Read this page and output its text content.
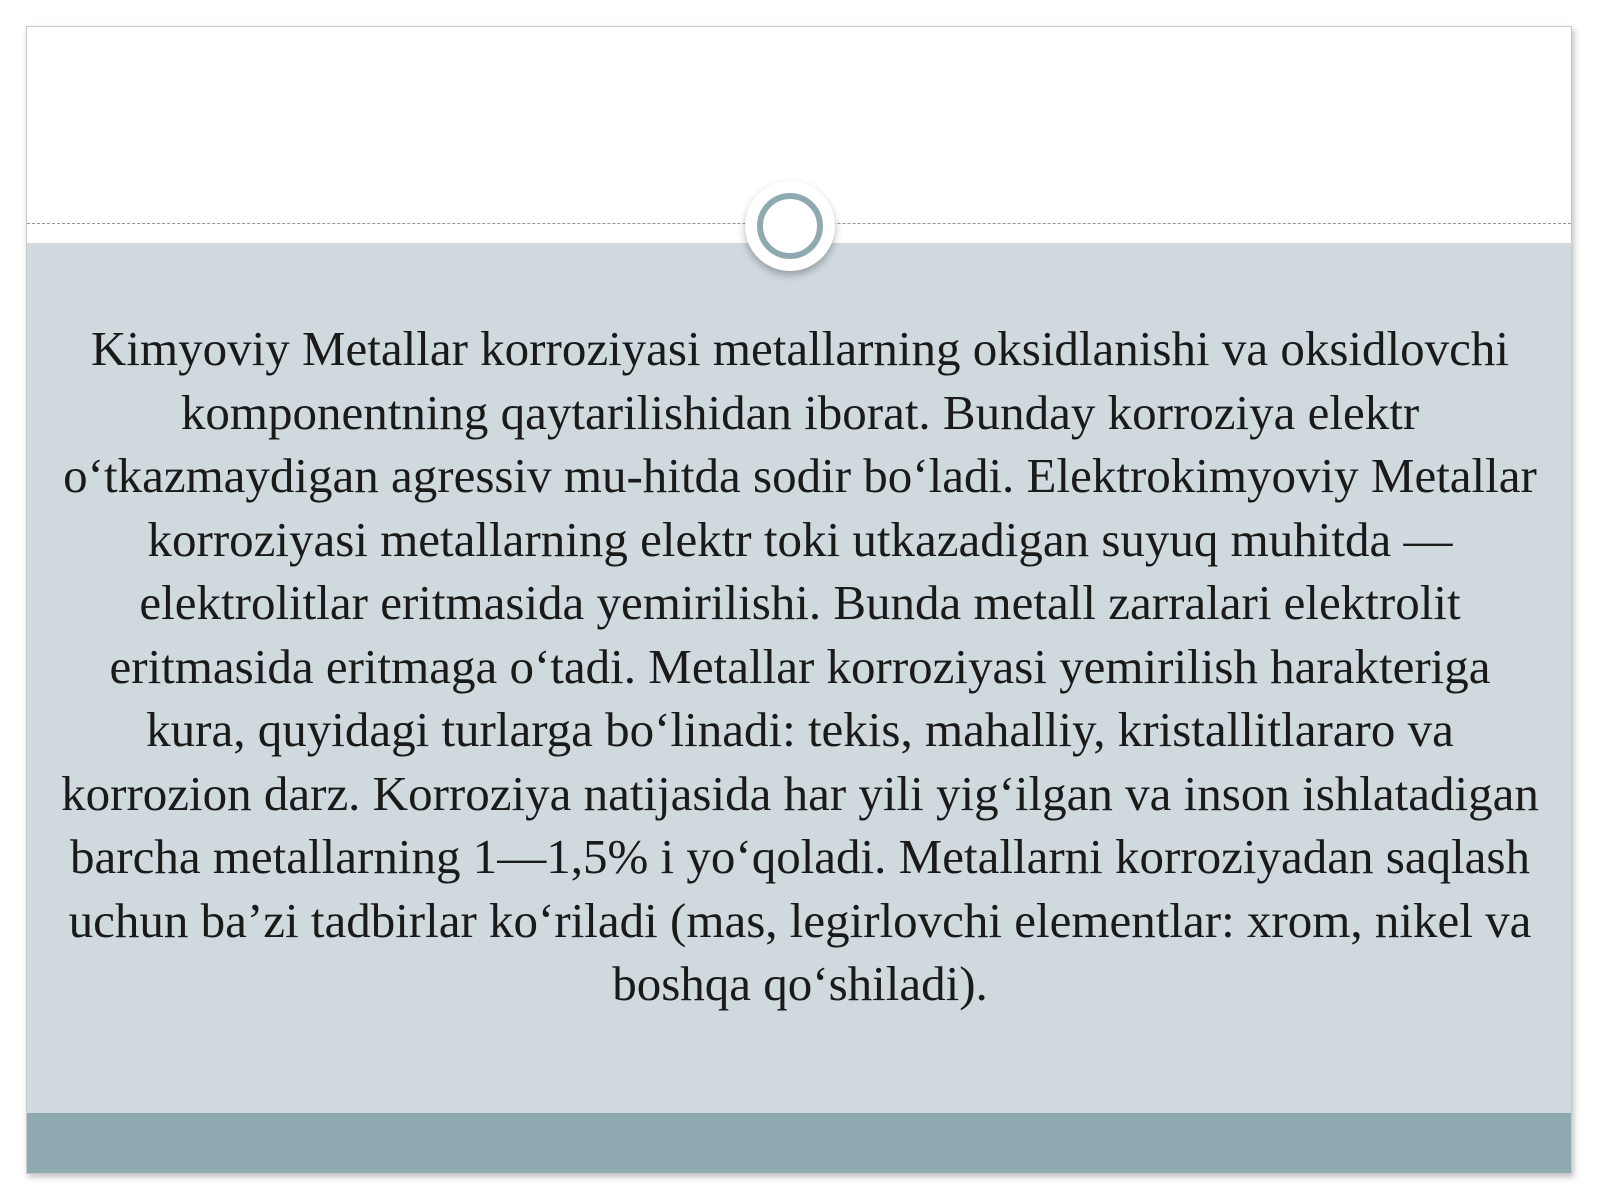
Kimyoviy Metallar korroziyasi metallarning oksidlanishi va oksidlovchi komponentning qaytarilishidan iborat. Bunday korroziya elektr o‘tkazmaydigan agressiv mu-hitda sodir bo‘ladi. Elektrokimyoviy Metallar korroziyasi metallarning elektr toki utkazadigan suyuq muhitda — elektrolitlar eritmasida yemirilishi. Bunda metall zarralari elektrolit eritmasida eritmaga o‘tadi. Metallar korroziyasi yemirilish harakteriga kura, quyidagi turlarga bo‘linadi: tekis, mahalliy, kristallitlararo va korrozion darz. Korroziya natijasida har yili yig‘ilgan va inson ishlatadigan barcha metallarning 1—1,5% i yo‘qoladi. Metallarni korroziyadan saqlash uchun ba’zi tadbirlar ko‘riladi (mas, legirlovchi elementlar: xrom, nikel va boshqa qo‘shiladi).
